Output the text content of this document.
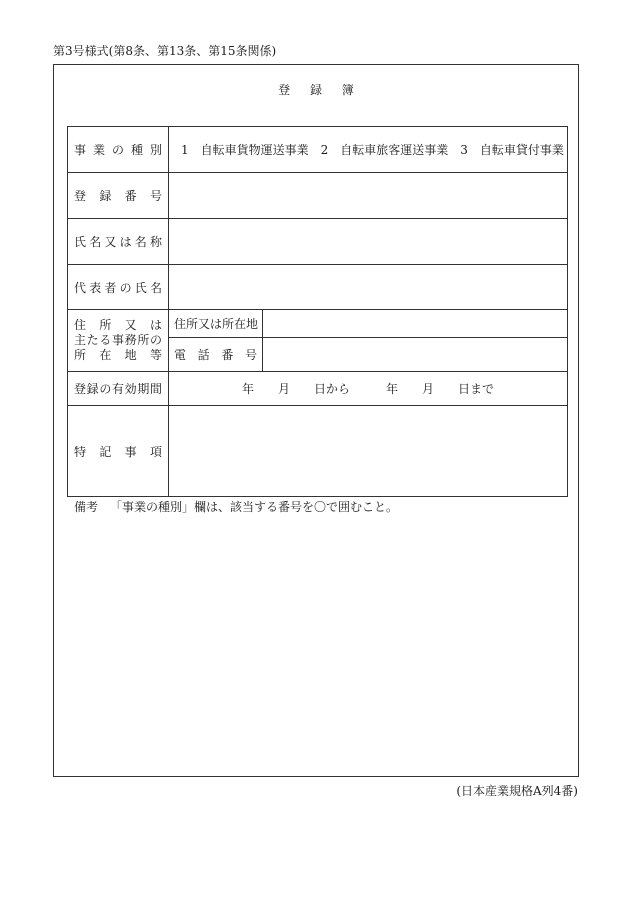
第3号様式(第8条、第13条、第15条関係)
登 録 簿
事業の種別	1　自転車貨物運送事業　2　自転車旅客運送事業　3　自転車貸付事業	
登録番号		
氏名又は名称		
代表者の氏名		

住所又は
主たる事務所の
所在地等	住所又は所在地	
	電話番号	
登録の有効期間	年　　月　　日から　　　年　　月　　日まで	
特記事項		
備考 「事業の種別」欄は、該当する番号を〇で囲むこと。
(日本産業規格A列4番)
